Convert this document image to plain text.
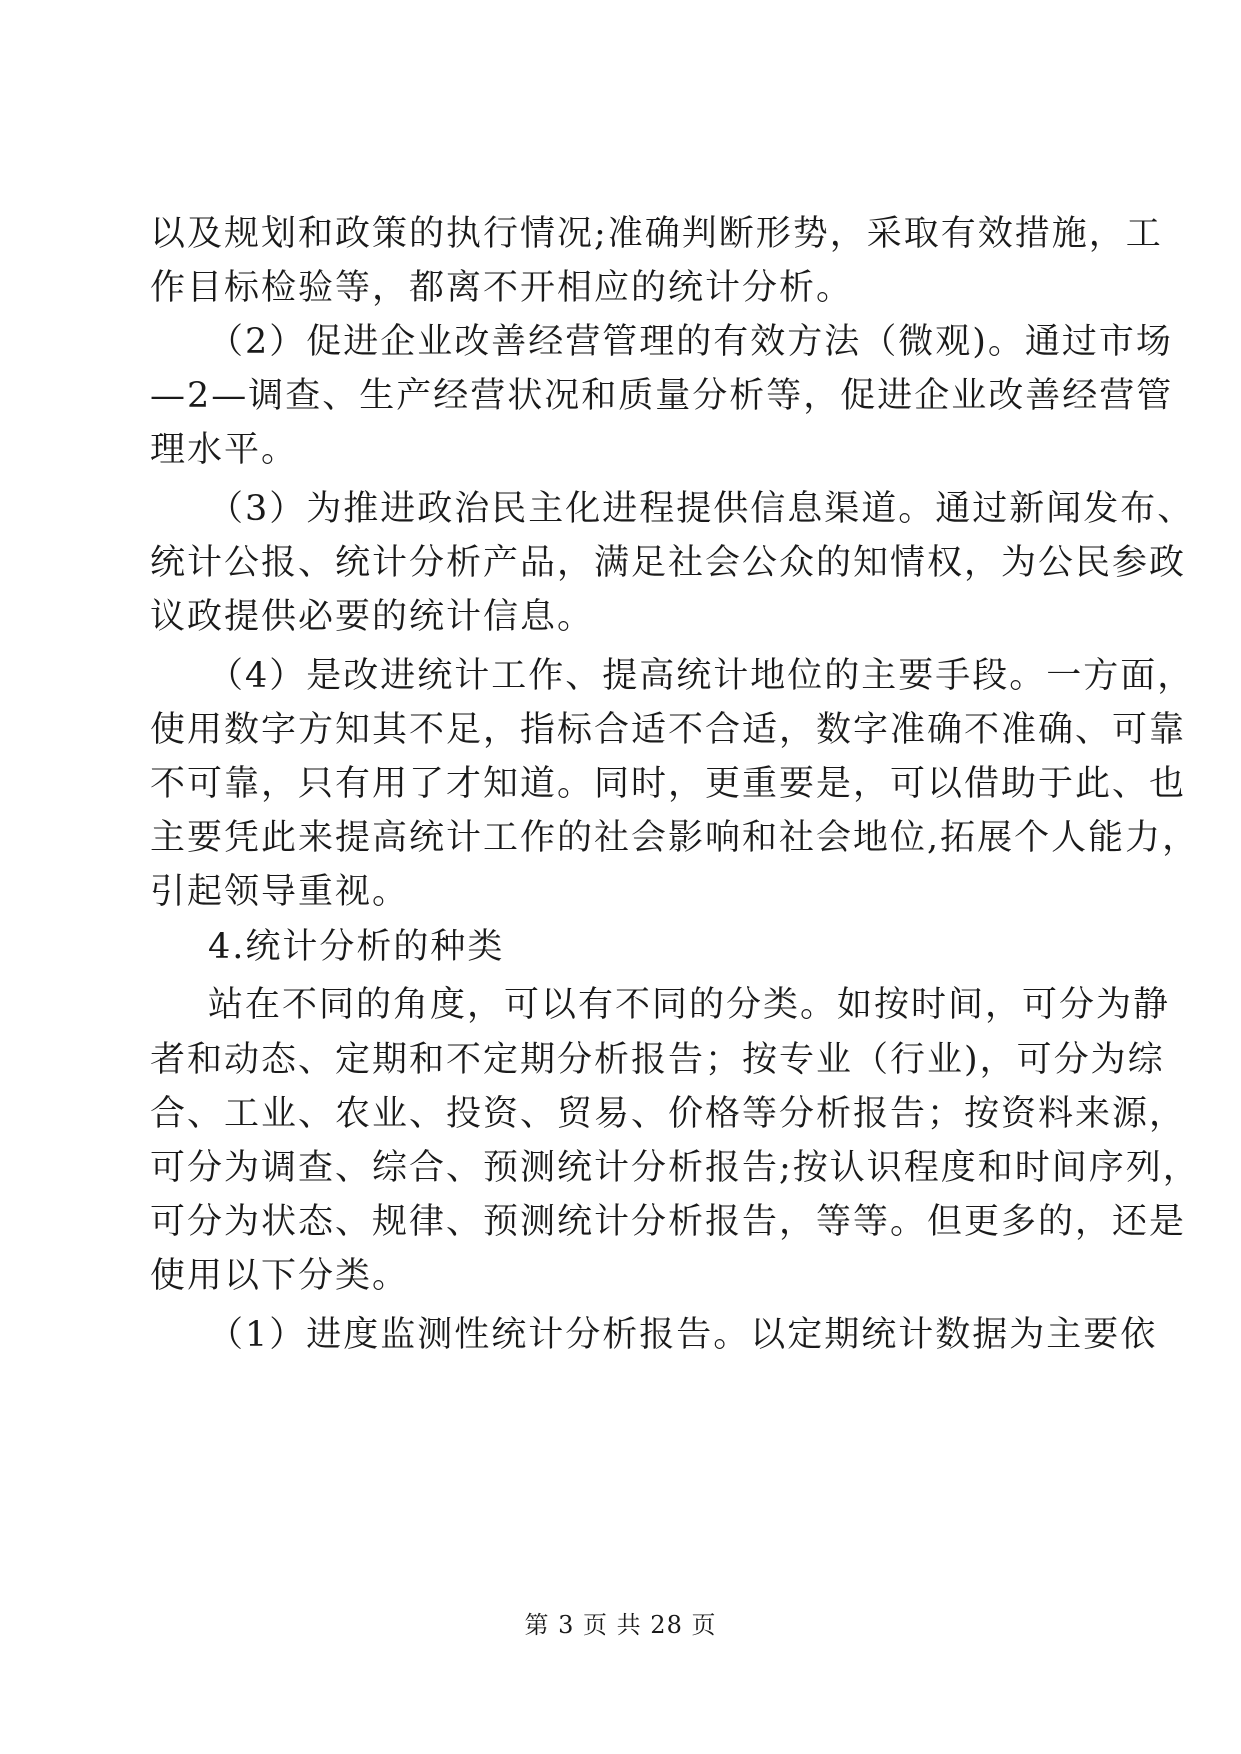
以及规划和政策的执行情况;准确判断形势，采取有效措施，工
作目标检验等，都离不开相应的统计分析。
（2）促进企业改善经营管理的有效方法（微观)。通过市场
—2—调查、生产经营状况和质量分析等，促进企业改善经营管
理水平。
（3）为推进政治民主化进程提供信息渠道。通过新闻发布、
统计公报、统计分析产品，满足社会公众的知情权，为公民参政
议政提供必要的统计信息。
（4）是改进统计工作、提高统计地位的主要手段。一方面，
使用数字方知其不足，指标合适不合适，数字准确不准确、可靠
不可靠，只有用了才知道。同时，更重要是，可以借助于此、也
主要凭此来提高统计工作的社会影响和社会地位,拓展个人能力，
引起领导重视。
4.统计分析的种类
站在不同的角度，可以有不同的分类。如按时间，可分为静
者和动态、定期和不定期分析报告；按专业（行业)，可分为综
合、工业、农业、投资、贸易、价格等分析报告；按资料来源，
可分为调查、综合、预测统计分析报告;按认识程度和时间序列，
可分为状态、规律、预测统计分析报告，等等。但更多的，还是
使用以下分类。
（1）进度监测性统计分析报告。以定期统计数据为主要依
第 3 页 共 28 页
